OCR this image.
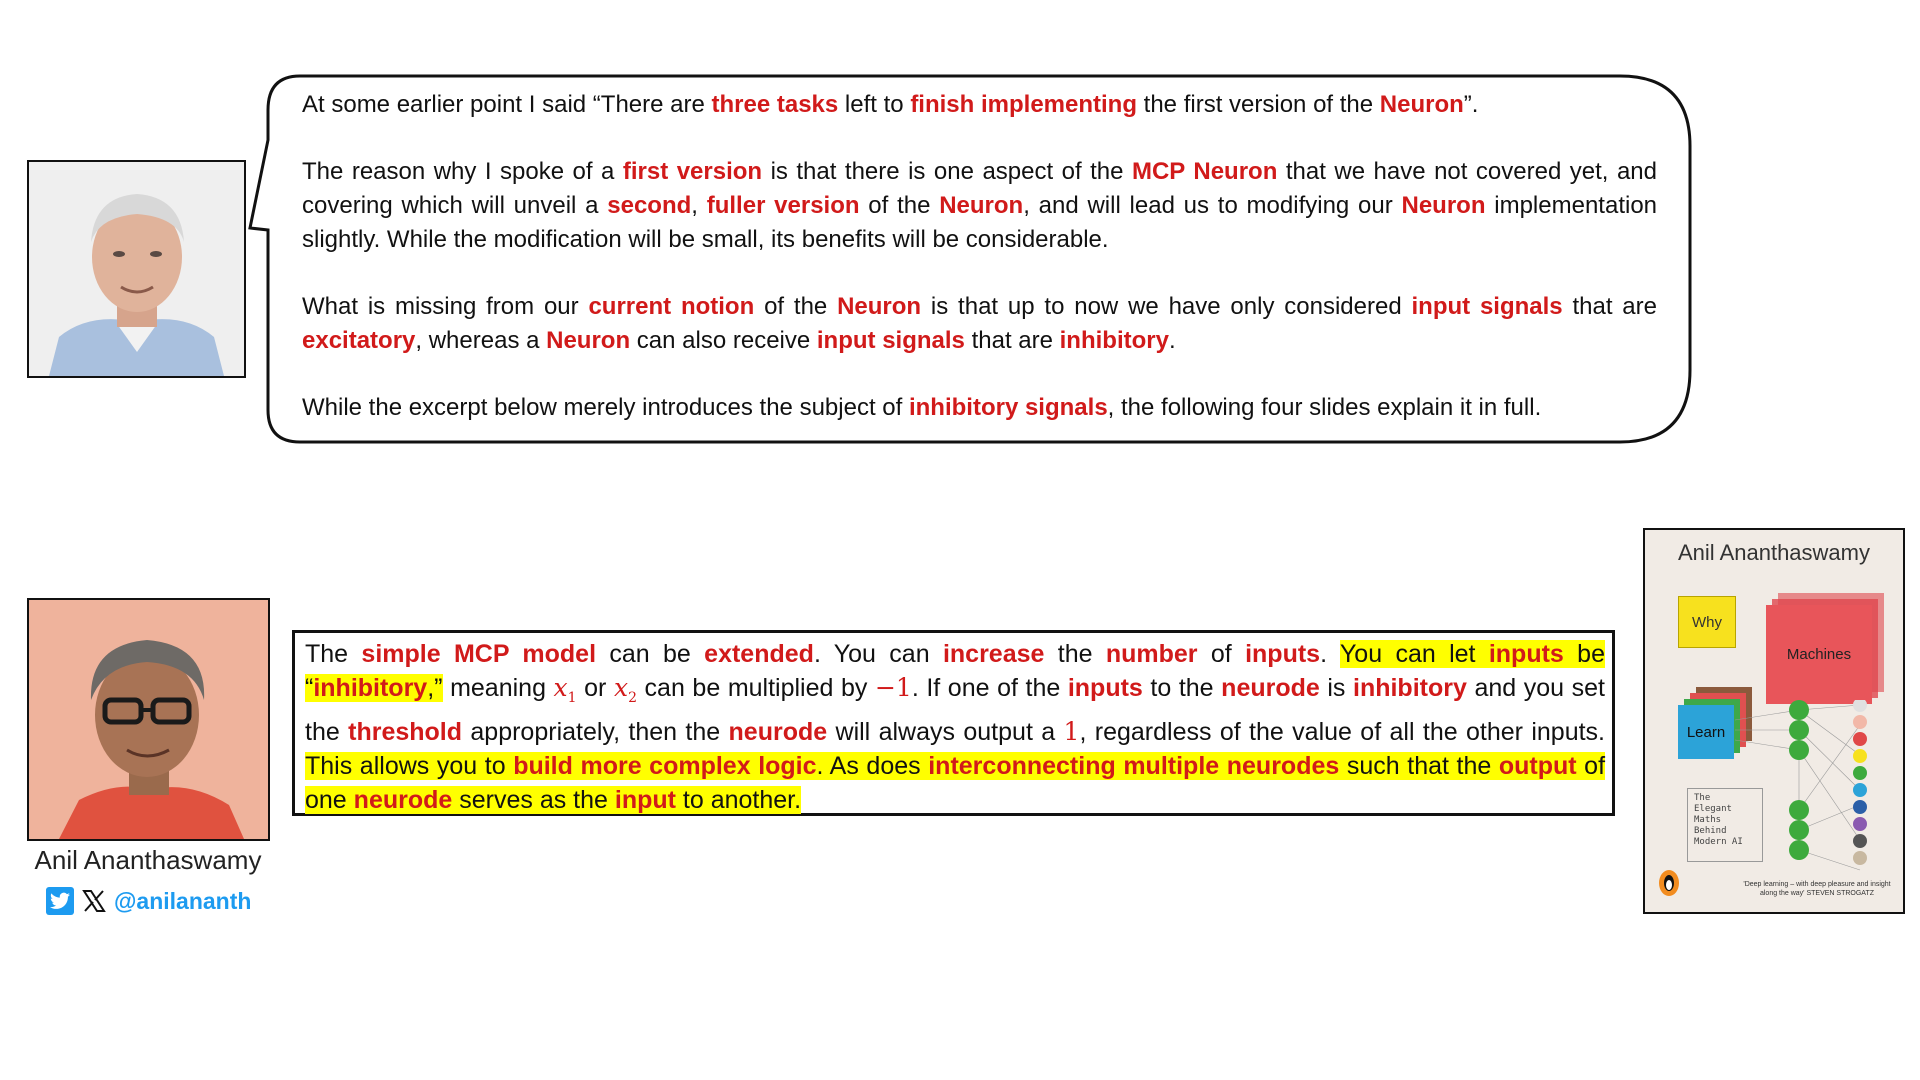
At some earlier point I said “There are three tasks left to finish implementing the first version of the Neuron”.

The reason why I spoke of a first version is that there is one aspect of the MCP Neuron that we have not covered yet, and covering which will unveil a second, fuller version of the Neuron, and will lead us to modifying our Neuron implementation slightly. While the modification will be small, its benefits will be considerable.

What is missing from our current notion of the Neuron is that up to now we have only considered input signals that are excitatory, whereas a Neuron can also receive input signals that are inhibitory.

While the excerpt below merely introduces the subject of inhibitory signals, the following four slides explain it in full.

The simple MCP model can be extended. You can increase the number of inputs. You can let inputs be “inhibitory,” meaning $x_1$ or $x_2$ can be multiplied by −1. If one of the inputs to the neurode is inhibitory and you set the threshold appropriately, then the neurode will always output a 1, regardless of the value of all the other inputs. This allows you to build more complex logic. As does interconnecting multiple neurodes such that the output of one neurode serves as the input to another.
Anil Ananthaswamy
@anilananth
Anil Ananthaswamy
Why
Machines
Learn
The
Elegant
Maths
Behind
Modern AI
'Deep learning – with deep pleasure and insight along the way' STEVEN STROGATZ
